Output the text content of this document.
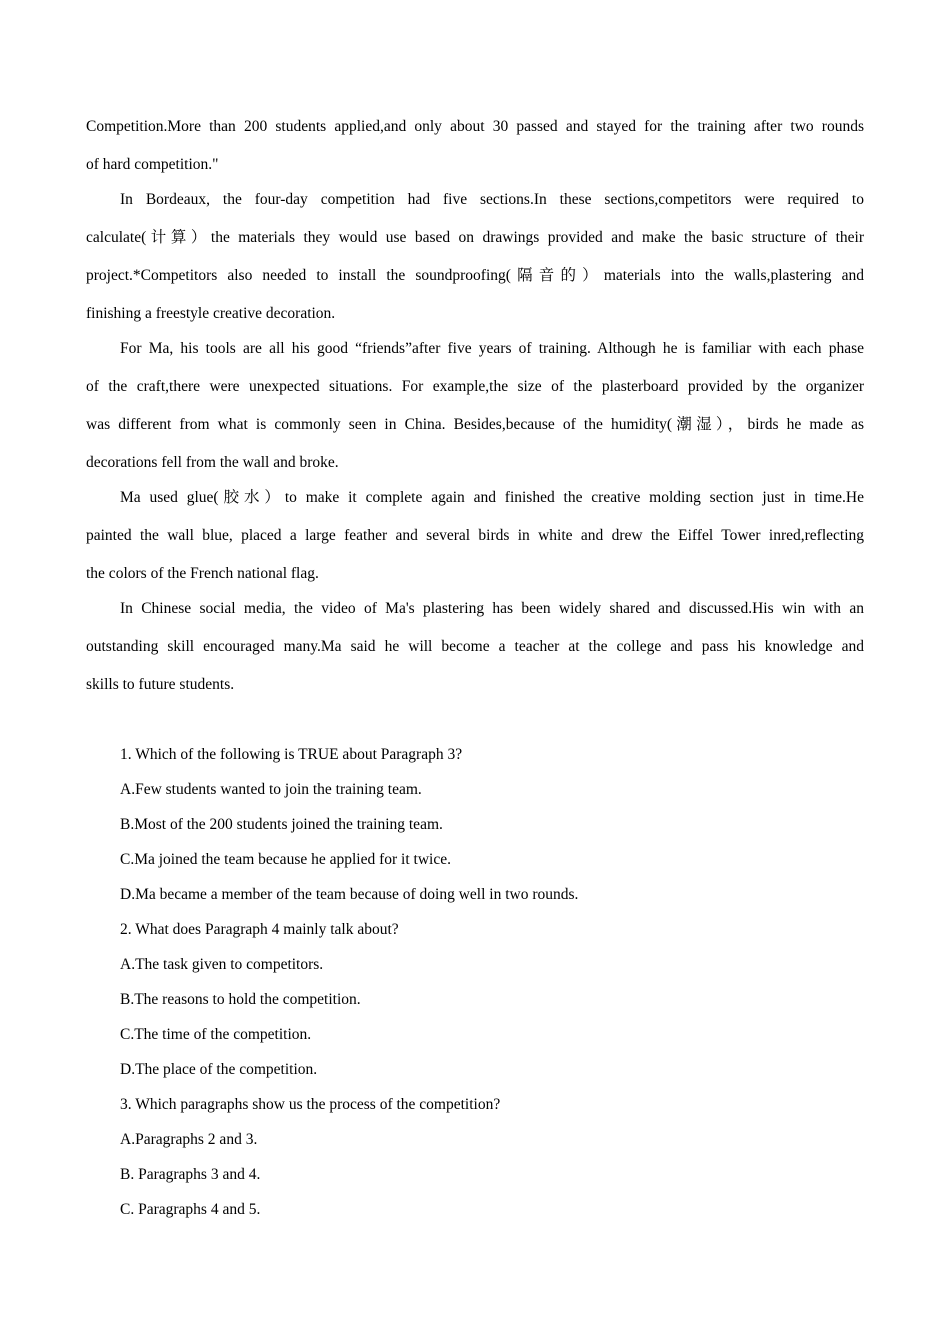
Competition.More than 200 students applied,and only about 30 passed and stayed for the training after two rounds
of hard competition."
In Bordeaux, the four-day competition had five sections.In these sections,competitors were required to
calculate(计算）the materials they would use based on drawings provided and make the basic structure of their
project.*Competitors also needed to install the soundproofing(隔音的）materials into the walls,plastering and
finishing a freestyle creative decoration.
For Ma, his tools are all his good “friends”after five years of training. Although he is familiar with each phase
of the craft,there were unexpected situations. For example,the size of the plasterboard provided by the organizer
was different from what is commonly seen in China. Besides,because of the humidity(潮湿），birds he made as
decorations fell from the wall and broke.
Ma used glue(胶水）to make it complete again and finished the creative molding section just in time.He
painted the wall blue, placed a large feather and several birds in white and drew the Eiffel Tower inred,reflecting
the colors of the French national flag.
In Chinese social media, the video of Ma's plastering has been widely shared and discussed.His win with an
outstanding skill encouraged many.Ma said he will become a teacher at the college and pass his knowledge and
skills to future students.
1. Which of the following is TRUE about Paragraph 3?
A.Few students wanted to join the training team.
B.Most of the 200 students joined the training team.
C.Ma joined the team because he applied for it twice.
D.Ma became a member of the team because of doing well in two rounds.
2. What does Paragraph 4 mainly talk about?
A.The task given to competitors.
B.The reasons to hold the competition.
C.The time of the competition.
D.The place of the competition.
3. Which paragraphs show us the process of the competition?
A.Paragraphs 2 and 3.
B. Paragraphs 3 and 4.
C. Paragraphs 4 and 5.
